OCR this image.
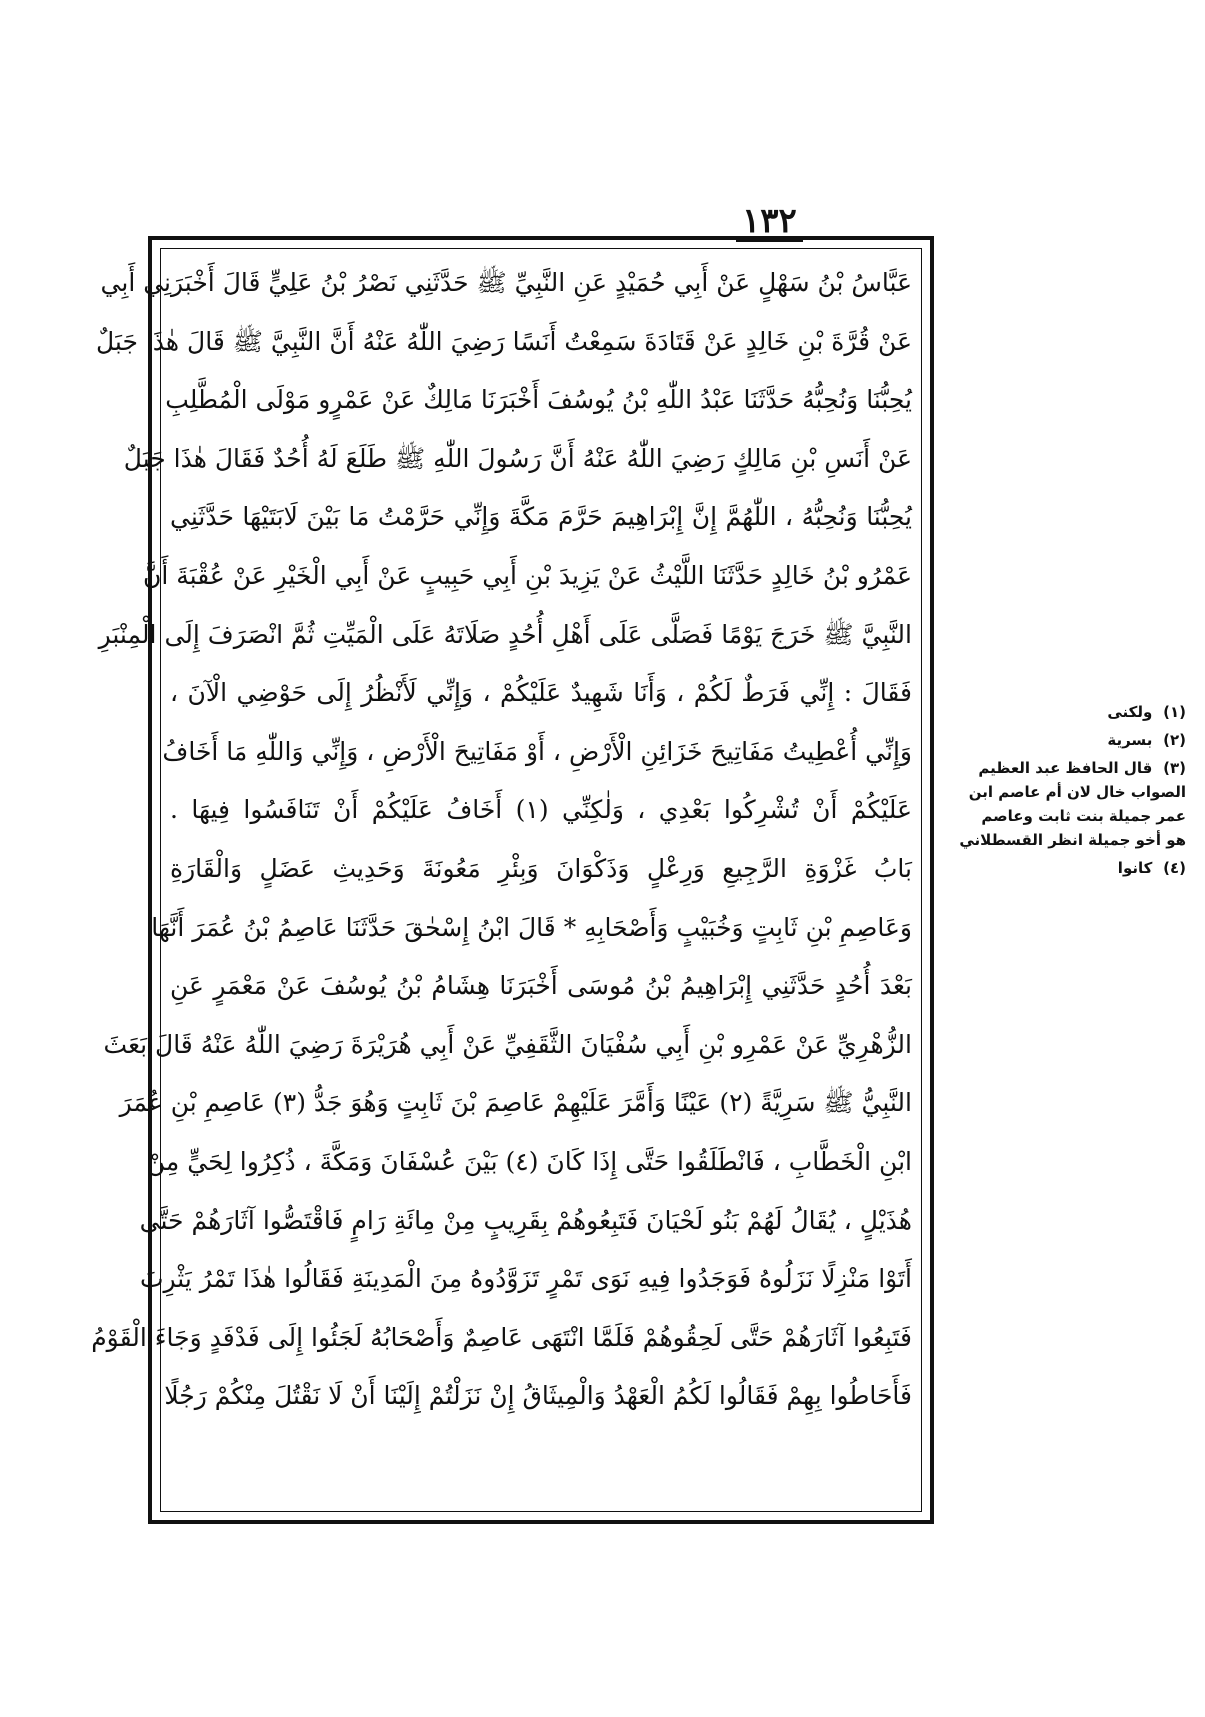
١٣٢
عَبَّاسُ بْنُ سَهْلٍ عَنْ أَبِي حُمَيْدٍ عَنِ النَّبِيِّ ﷺ حَدَّثَنِي نَصْرُ بْنُ عَلِيٍّ قَالَ أَخْبَرَنِي أَبِي
عَنْ قُرَّةَ بْنِ خَالِدٍ عَنْ قَتَادَةَ سَمِعْتُ أَنَسًا رَضِيَ اللّٰهُ عَنْهُ أَنَّ النَّبِيَّ ﷺ قَالَ هٰذَا جَبَلٌ
يُحِبُّنَا وَنُحِبُّهُ حَدَّثَنَا عَبْدُ اللّٰهِ بْنُ يُوسُفَ أَخْبَرَنَا مَالِكٌ عَنْ عَمْرٍو مَوْلَى الْمُطَّلِبِ
عَنْ أَنَسِ بْنِ مَالِكٍ رَضِيَ اللّٰهُ عَنْهُ أَنَّ رَسُولَ اللّٰهِ ﷺ طَلَعَ لَهُ أُحُدٌ فَقَالَ هٰذَا جَبَلٌ
يُحِبُّنَا وَنُحِبُّهُ ، اللّٰهُمَّ إِنَّ إِبْرَاهِيمَ حَرَّمَ مَكَّةَ وَإِنِّي حَرَّمْتُ مَا بَيْنَ لَابَتَيْهَا حَدَّثَنِي
عَمْرُو بْنُ خَالِدٍ حَدَّثَنَا اللَّيْثُ عَنْ يَزِيدَ بْنِ أَبِي حَبِيبٍ عَنْ أَبِي الْخَيْرِ عَنْ عُقْبَةَ أَنَّ
النَّبِيَّ ﷺ خَرَجَ يَوْمًا فَصَلَّى عَلَى أَهْلِ أُحُدٍ صَلَاتَهُ عَلَى الْمَيِّتِ ثُمَّ انْصَرَفَ إِلَى الْمِنْبَرِ
فَقَالَ : إِنِّي فَرَطٌ لَكُمْ ، وَأَنَا شَهِيدٌ عَلَيْكُمْ ، وَإِنِّي لَأَنْظُرُ إِلَى حَوْضِي الْآنَ ،
وَإِنِّي أُعْطِيتُ مَفَاتِيحَ خَزَائِنِ الْأَرْضِ ، أَوْ مَفَاتِيحَ الْأَرْضِ ، وَإِنِّي وَاللّٰهِ مَا أَخَافُ
عَلَيْكُمْ أَنْ تُشْرِكُوا بَعْدِي ، وَلٰكِنِّي (١) أَخَافُ عَلَيْكُمْ أَنْ تَنَافَسُوا فِيهَا .
بَابُ غَزْوَةِ الرَّجِيعِ وَرِعْلٍ وَذَكْوَانَ وَبِئْرِ مَعُونَةَ وَحَدِيثِ عَضَلٍ وَالْقَارَةِ
وَعَاصِمِ بْنِ ثَابِتٍ وَخُبَيْبٍ وَأَصْحَابِهِ * قَالَ ابْنُ إِسْحٰقَ حَدَّثَنَا عَاصِمُ بْنُ عُمَرَ أَنَّهَا
بَعْدَ أُحُدٍ حَدَّثَنِي إِبْرَاهِيمُ بْنُ مُوسَى أَخْبَرَنَا هِشَامُ بْنُ يُوسُفَ عَنْ مَعْمَرٍ عَنِ
الزُّهْرِيِّ عَنْ عَمْرِو بْنِ أَبِي سُفْيَانَ الثَّقَفِيِّ عَنْ أَبِي هُرَيْرَةَ رَضِيَ اللّٰهُ عَنْهُ قَالَ بَعَثَ
النَّبِيُّ ﷺ سَرِيَّةً (٢) عَيْنًا وَأَمَّرَ عَلَيْهِمْ عَاصِمَ بْنَ ثَابِتٍ وَهُوَ جَدُّ (٣) عَاصِمِ بْنِ عُمَرَ
ابْنِ الْخَطَّابِ ، فَانْطَلَقُوا حَتَّى إِذَا كَانَ (٤) بَيْنَ عُسْفَانَ وَمَكَّةَ ، ذُكِرُوا لِحَيٍّ مِنْ
هُذَيْلٍ ، يُقَالُ لَهُمْ بَنُو لَحْيَانَ فَتَبِعُوهُمْ بِقَرِيبٍ مِنْ مِائَةِ رَامٍ فَاقْتَصُّوا آثَارَهُمْ حَتَّى
أَتَوْا مَنْزِلًا نَزَلُوهُ فَوَجَدُوا فِيهِ نَوَى تَمْرٍ تَزَوَّدُوهُ مِنَ الْمَدِينَةِ فَقَالُوا هٰذَا تَمْرُ يَثْرِبَ
فَتَبِعُوا آثَارَهُمْ حَتَّى لَحِقُوهُمْ فَلَمَّا انْتَهَى عَاصِمٌ وَأَصْحَابُهُ لَجَئُوا إِلَى فَدْفَدٍ وَجَاءَ الْقَوْمُ
فَأَحَاطُوا بِهِمْ فَقَالُوا لَكُمُ الْعَهْدُ وَالْمِيثَاقُ إِنْ نَزَلْتُمْ إِلَيْنَا أَنْ لَا نَقْتُلَ مِنْكُمْ رَجُلًا
(١) ولكنى
(٢) بسرية
(٣) قال الحافظ عبد العظيم الصواب خال لان أم عاصم ابن عمر جميلة بنت ثابت وعاصم هو أخو جميلة انظر القسطلاني
(٤) كانوا
